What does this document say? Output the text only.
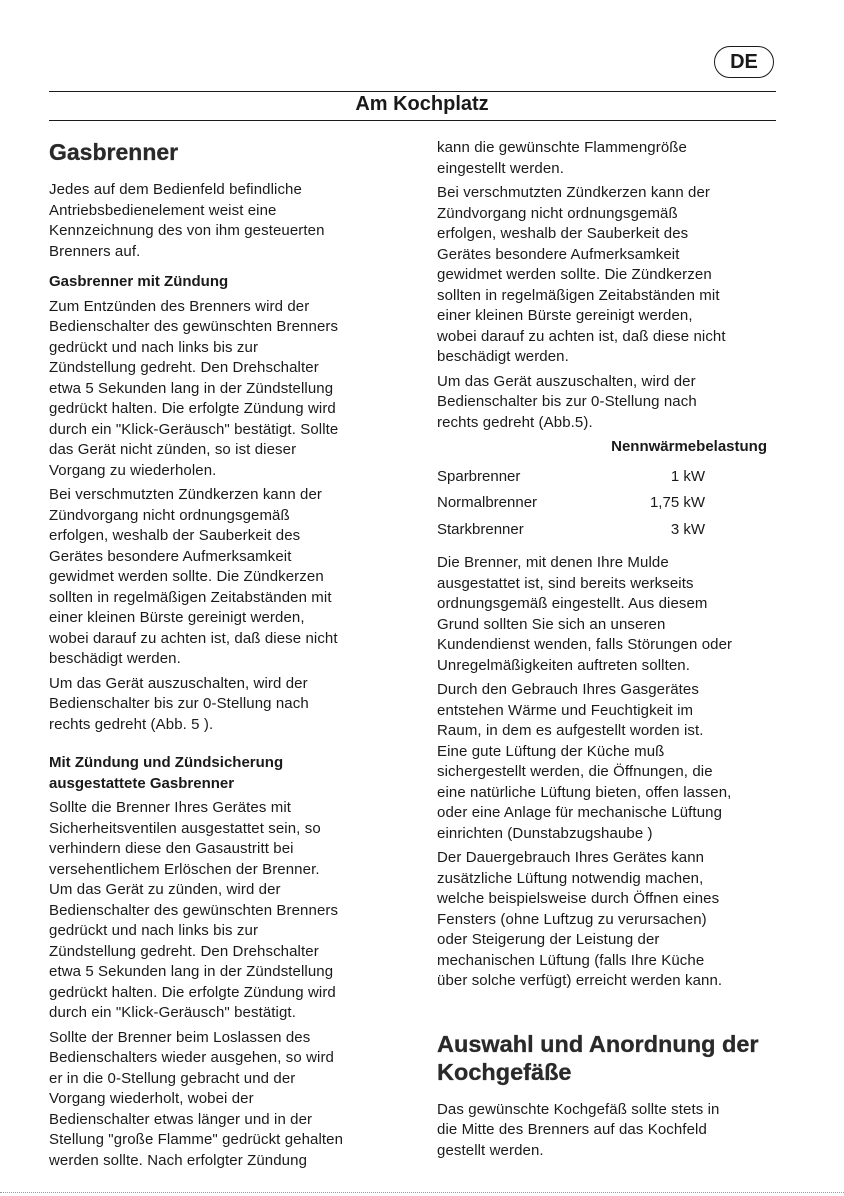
DE
Am Kochplatz
Gasbrenner

Jedes auf dem Bedienfeld befindliche
Antriebsbedienelement weist eine
Kennzeichnung des von ihm gesteuerten
Brenners auf.

Gasbrenner mit Zündung

Zum Entzünden des Brenners wird der
Bedienschalter des gewünschten Brenners
gedrückt und nach links bis zur
Zündstellung gedreht. Den Drehschalter
etwa 5 Sekunden lang in der Zündstellung
gedrückt halten. Die erfolgte Zündung wird
durch ein "Klick-Geräusch" bestätigt. Sollte
das Gerät nicht zünden, so ist dieser
Vorgang zu wiederholen.

Bei verschmutzten Zündkerzen kann der
Zündvorgang nicht ordnungsgemäß
erfolgen, weshalb der Sauberkeit des
Gerätes besondere Aufmerksamkeit
gewidmet werden sollte. Die Zündkerzen
sollten in regelmäßigen Zeitabständen mit
einer kleinen Bürste gereinigt werden,
wobei darauf zu achten ist, daß diese nicht
beschädigt werden.

Um das Gerät auszuschalten, wird der
Bedienschalter bis zur 0-Stellung nach
rechts gedreht (Abb. 5 ).

Mit Zündung und Zündsicherung
ausgestattete Gasbrenner

Sollte die Brenner Ihres Gerätes mit
Sicherheitsventilen ausgestattet sein, so
verhindern diese den Gasaustritt bei
versehentlichem Erlöschen der Brenner.
Um das Gerät zu zünden, wird der
Bedienschalter des gewünschten Brenners
gedrückt und nach links bis zur
Zündstellung gedreht. Den Drehschalter
etwa 5 Sekunden lang in der Zündstellung
gedrückt halten. Die erfolgte Zündung wird
durch ein "Klick-Geräusch" bestätigt.

Sollte der Brenner beim Loslassen des
Bedienschalters wieder ausgehen, so wird
er in die 0-Stellung gebracht und der
Vorgang wiederholt, wobei der
Bedienschalter etwas länger und in der
Stellung "große Flamme" gedrückt gehalten
werden sollte. Nach erfolgter Zündung

kann die gewünschte Flammengröße
eingestellt werden.

Bei verschmutzten Zündkerzen kann der
Zündvorgang nicht ordnungsgemäß
erfolgen, weshalb der Sauberkeit des
Gerätes besondere Aufmerksamkeit
gewidmet werden sollte. Die Zündkerzen
sollten in regelmäßigen Zeitabständen mit
einer kleinen Bürste gereinigt werden,
wobei darauf zu achten ist, daß diese nicht
beschädigt werden.

Um das Gerät auszuschalten, wird der
Bedienschalter bis zur 0-Stellung nach
rechts gedreht (Abb.5).

Nennwärmebelastung	
Sparbrenner	1 kW
Normalbrenner	1,75 kW
Starkbrenner	3 kW

Die Brenner, mit denen Ihre Mulde
ausgestattet ist, sind bereits werkseits
ordnungsgemäß eingestellt. Aus diesem
Grund sollten Sie sich an unseren
Kundendienst wenden, falls Störungen oder
Unregelmäßigkeiten auftreten sollten.

Durch den Gebrauch Ihres Gasgerätes
entstehen Wärme und Feuchtigkeit im
Raum, in dem es aufgestellt worden ist.
Eine gute Lüftung der Küche muß
sichergestellt werden, die Öffnungen, die
eine natürliche Lüftung bieten, offen lassen,
oder eine Anlage für mechanische Lüftung
einrichten (Dunstabzugshaube )

Der Dauergebrauch Ihres Gerätes kann
zusätzliche Lüftung notwendig machen,
welche beispielsweise durch Öffnen eines
Fensters (ohne Luftzug zu verursachen)
oder Steigerung der Leistung der
mechanischen Lüftung (falls Ihre Küche
über solche verfügt) erreicht werden kann.

Auswahl und Anordnung der
Kochgefäße

Das gewünschte Kochgefäß sollte stets in
die Mitte des Brenners auf das Kochfeld
gestellt werden.
